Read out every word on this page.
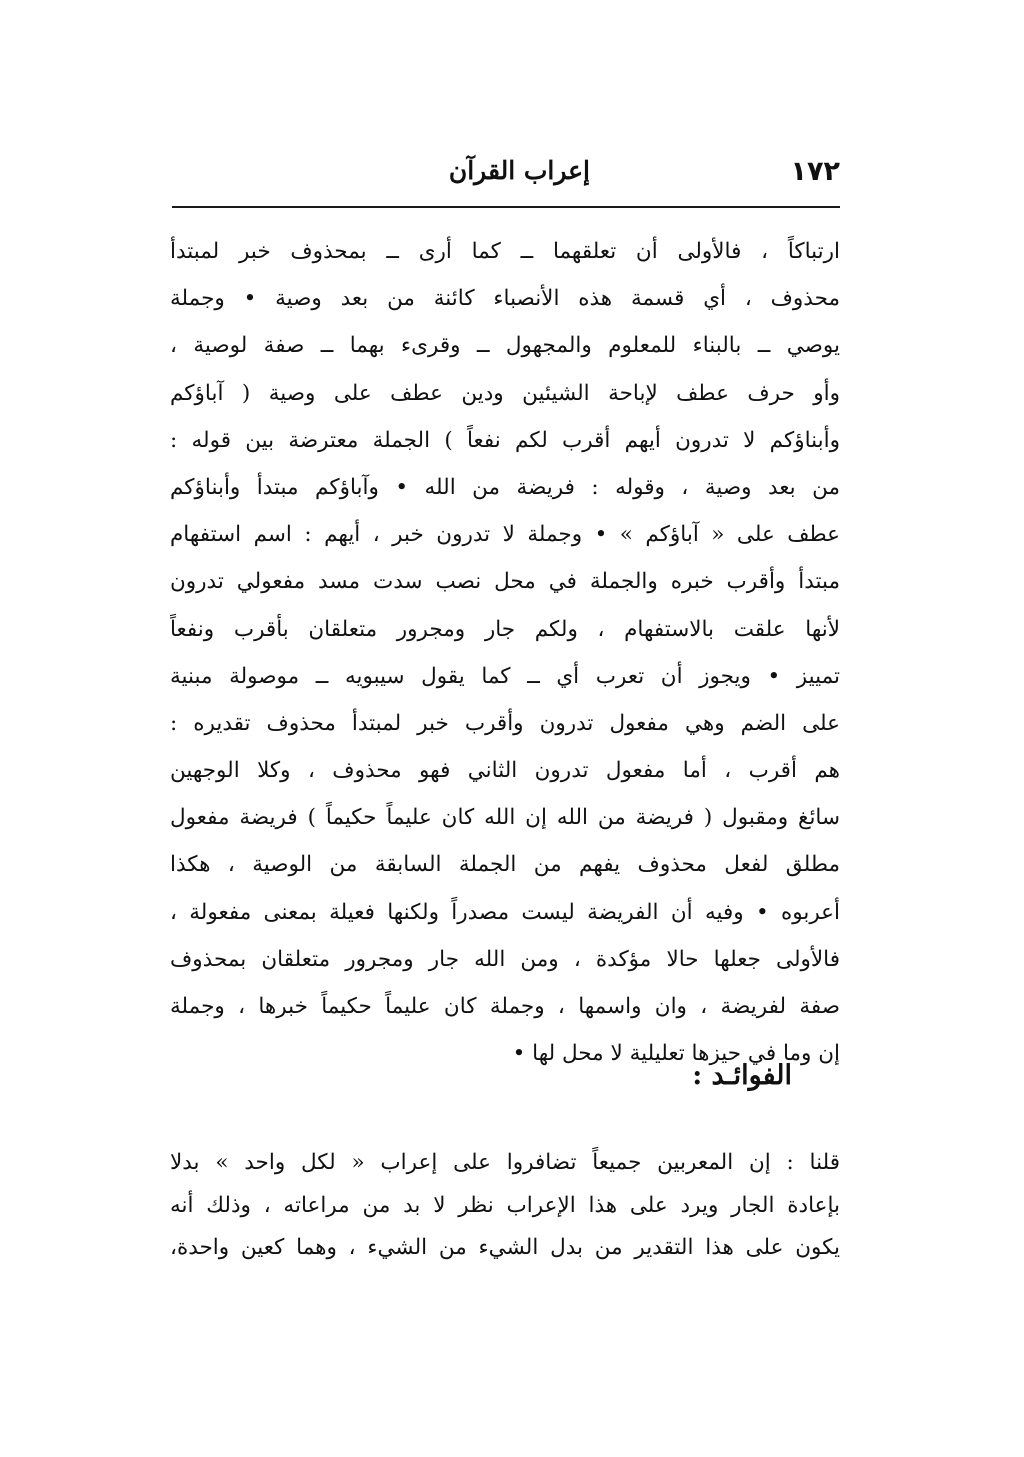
١٧٢
إعراب القرآن
ارتباكاً ، فالأولى أن تعلقهما ــ كما أرى ــ بمحذوف خبر لمبتدأ
محذوف ، أي قسمة هذه الأنصباء كائنة من بعد وصية • وجملة
يوصي ــ بالبناء للمعلوم والمجهول ــ وقرىء بهما ــ صفة لوصية ،
وأو حرف عطف لإباحة الشيئين ودين عطف على وصية ( آباؤكم
وأبناؤكم لا تدرون أيهم أقرب لكم نفعاً ) الجملة معترضة بين قوله :
من بعد وصية ، وقوله : فريضة من الله • وآباؤكم مبتدأ وأبناؤكم
عطف على « آباؤكم » • وجملة لا تدرون خبر ، أيهم : اسم استفهام
مبتدأ وأقرب خبره والجملة في محل نصب سدت مسد مفعولي تدرون
لأنها علقت بالاستفهام ، ولكم جار ومجرور متعلقان بأقرب ونفعاً
تمييز • ويجوز أن تعرب أي ــ كما يقول سيبويه ــ موصولة مبنية
على الضم وهي مفعول تدرون وأقرب خبر لمبتدأ محذوف تقديره :
هم أقرب ، أما مفعول تدرون الثاني فهو محذوف ، وكلا الوجهين
سائغ ومقبول ( فريضة من الله إن الله كان عليماً حكيماً ) فريضة مفعول
مطلق لفعل محذوف يفهم من الجملة السابقة من الوصية ، هكذا
أعربوه • وفيه أن الفريضة ليست مصدراً ولكنها فعيلة بمعنى مفعولة ،
فالأولى جعلها حالا مؤكدة ، ومن الله جار ومجرور متعلقان بمحذوف
صفة لفريضة ، وان واسمها ، وجملة كان عليماً حكيماً خبرها ، وجملة
إن وما في حيزها تعليلية لا محل لها •
الفوائـد :
قلنا : إن المعربين جميعاً تضافروا على إعراب « لكل واحد » بدلا
بإعادة الجار ويرد على هذا الإعراب نظر لا بد من مراعاته ، وذلك أنه
يكون على هذا التقدير من بدل الشيء من الشيء ، وهما كعين واحدة،
